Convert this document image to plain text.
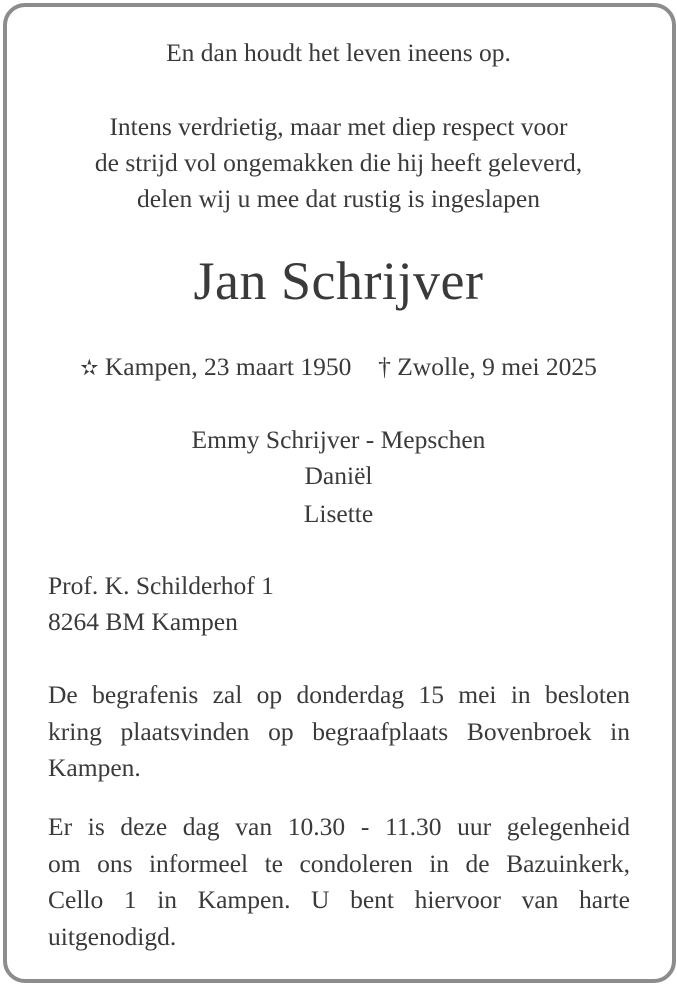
En dan houdt het leven ineens op.

Intens verdrietig, maar met diep respect voor

de strijd vol ongemakken die hij heeft geleverd,

delen wij u mee dat rustig is ingeslapen

Jan Schrijver

✫ Kampen, 23 maart 1950 † Zwolle, 9 mei 2025

Emmy Schrijver - Mepschen

Daniël

Lisette

Prof. K. Schilderhof 1

8264 BM Kampen

De begrafenis zal op donderdag 15 mei in besloten

kring plaatsvinden op begraafplaats Bovenbroek in

Kampen.

Er is deze dag van 10.30 - 11.30 uur gelegenheid

om ons informeel te condoleren in de Bazuinkerk,

Cello 1 in Kampen. U bent hiervoor van harte

uitgenodigd.
